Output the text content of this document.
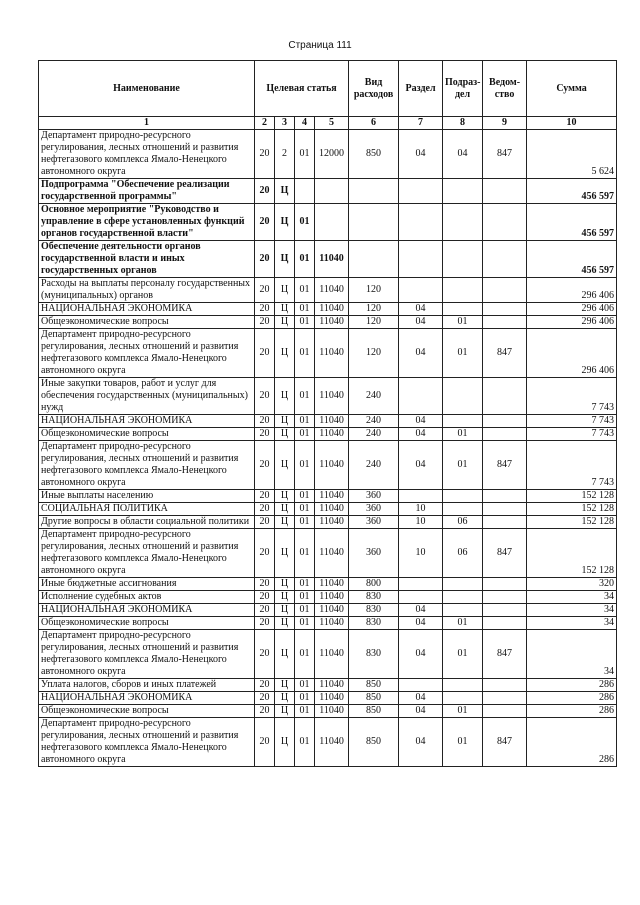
Страница 111
Наименование	Целевая статья				Вид расходов	Раздел	Подраз-дел	Ведом-ство	Сумма
1	2	3	4	5	6	7	8	9	10
Департамент природно-ресурсного регулирования, лесных отношений и развития нефтегазового комплекса Ямало-Ненецкого автономного округа	20	2	01	12000	850	04	04	847	5 624
Подпрограмма "Обеспечение реализации государственной программы"	20	Ц							456 597
Основное мероприятие "Руководство и управление в сфере установленных функций органов государственной власти"	20	Ц	01						456 597
Обеспечение деятельности органов государственной власти и иных государственных органов	20	Ц	01	11040					456 597
Расходы на выплаты персоналу государственных (муниципальных) органов	20	Ц	01	11040	120				296 406
НАЦИОНАЛЬНАЯ ЭКОНОМИКА	20	Ц	01	11040	120	04			296 406
Общеэкономические вопросы	20	Ц	01	11040	120	04	01		296 406
Департамент природно-ресурсного регулирования, лесных отношений и развития нефтегазового комплекса Ямало-Ненецкого автономного округа	20	Ц	01	11040	120	04	01	847	296 406
Иные закупки товаров, работ и услуг для обеспечения государственных (муниципальных) нужд	20	Ц	01	11040	240				7 743
НАЦИОНАЛЬНАЯ ЭКОНОМИКА	20	Ц	01	11040	240	04			7 743
Общеэкономические вопросы	20	Ц	01	11040	240	04	01		7 743
Департамент природно-ресурсного регулирования, лесных отношений и развития нефтегазового комплекса Ямало-Ненецкого автономного округа	20	Ц	01	11040	240	04	01	847	7 743
Иные выплаты населению	20	Ц	01	11040	360				152 128
СОЦИАЛЬНАЯ ПОЛИТИКА	20	Ц	01	11040	360	10			152 128
Другие вопросы в области социальной политики	20	Ц	01	11040	360	10	06		152 128
Департамент природно-ресурсного регулирования, лесных отношений и развития нефтегазового комплекса Ямало-Ненецкого автономного округа	20	Ц	01	11040	360	10	06	847	152 128
Иные бюджетные ассигнования	20	Ц	01	11040	800				320
Исполнение судебных актов	20	Ц	01	11040	830				34
НАЦИОНАЛЬНАЯ ЭКОНОМИКА	20	Ц	01	11040	830	04			34
Общеэкономические вопросы	20	Ц	01	11040	830	04	01		34
Департамент природно-ресурсного регулирования, лесных отношений и развития нефтегазового комплекса Ямало-Ненецкого автономного округа	20	Ц	01	11040	830	04	01	847	34
Уплата налогов, сборов и иных платежей	20	Ц	01	11040	850				286
НАЦИОНАЛЬНАЯ ЭКОНОМИКА	20	Ц	01	11040	850	04			286
Общеэкономические вопросы	20	Ц	01	11040	850	04	01		286
Департамент природно-ресурсного регулирования, лесных отношений и развития нефтегазового комплекса Ямало-Ненецкого автономного округа	20	Ц	01	11040	850	04	01	847	286
